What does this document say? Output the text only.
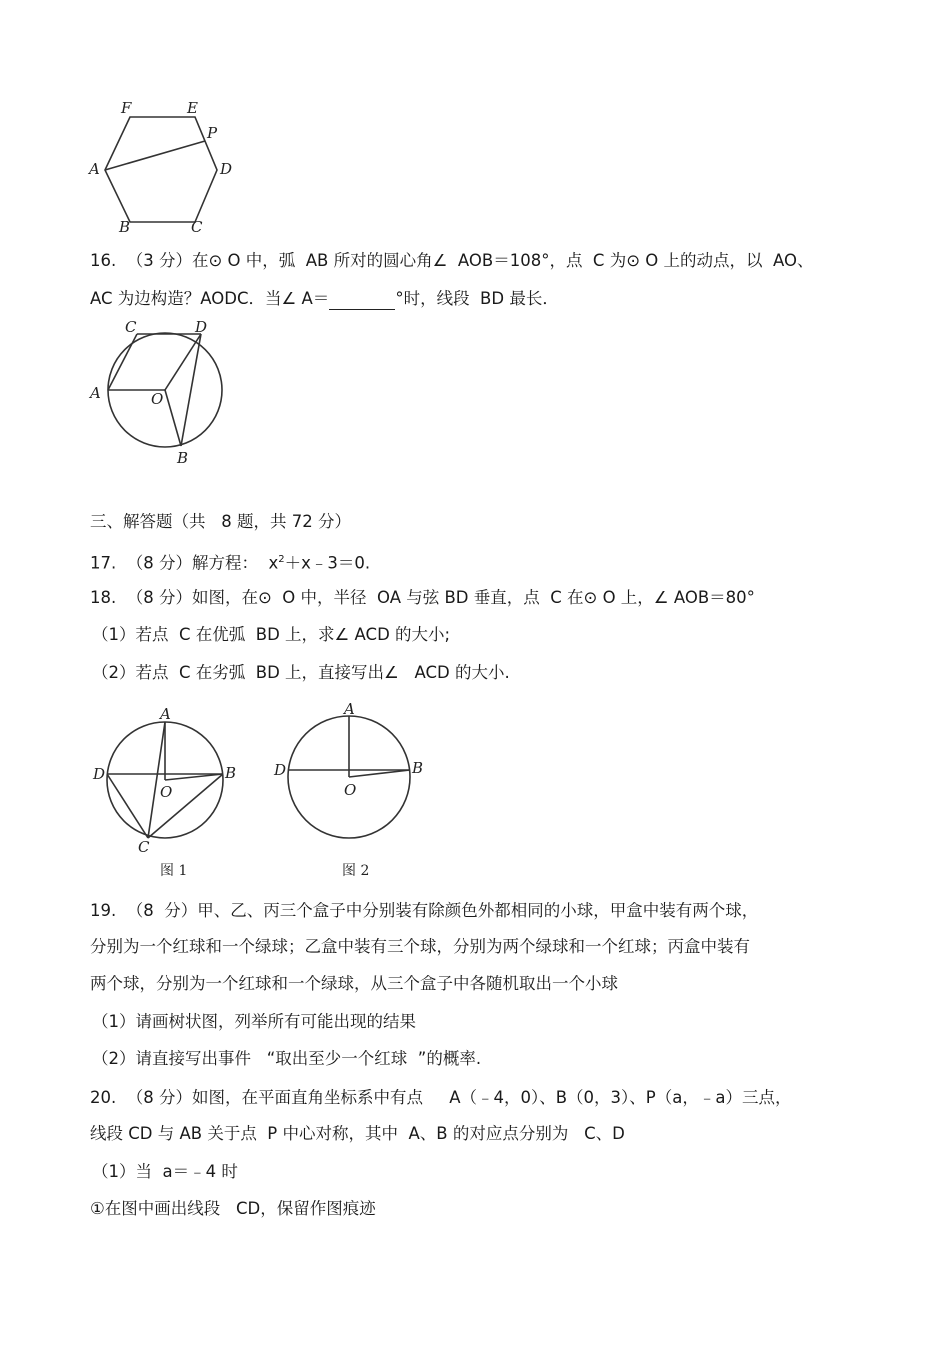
F	E
P
A	D
B	C
16.  （3 分）在⊙ O 中，弧  AB 所对的圆心角∠  AOB＝108°，点  C 为⊙ O 上的动点，以  AO、
AC 为边构造？AODC．当∠ A＝	°时，线段  BD 最长．
C	D
A	O
B
三、解答题（共   8 题，共 72 分）
17.  （8 分）解方程：  $x^2+x﹣3=0$.
18.  （8 分）如图，在⊙  O 中，半径  OA 与弦 BD 垂直，点  C 在⊙ O 上，∠ AOB＝80°
（1）若点  C 在优弧  BD 上，求∠ ACD 的大小;
（2）若点  C 在劣弧  BD 上，直接写出∠   ACD 的大小.
A
D	B
O
C
图 1
A
D	B
O
图 2
19.  （8  分）甲、乙、丙三个盒子中分别装有除颜色外都相同的小球，甲盒中装有两个球，
分别为一个红球和一个绿球；乙盒中装有三个球，分别为两个绿球和一个红球；丙盒中装有
两个球，分别为一个红球和一个绿球，从三个盒子中各随机取出一个小球
（1）请画树状图，列举所有可能出现的结果
（2）请直接写出事件   “取出至少一个红球  ”的概率.
20.  （8 分）如图，在平面直角坐标系中有点     A（﹣4，0）、B（0，3）、P（a，﹣a）三点，
线段 CD 与 AB 关于点  P 中心对称，其中  A、B 的对应点分别为   C、D
（1）当  a＝﹣4 时
①在图中画出线段   CD，保留作图痕迹
